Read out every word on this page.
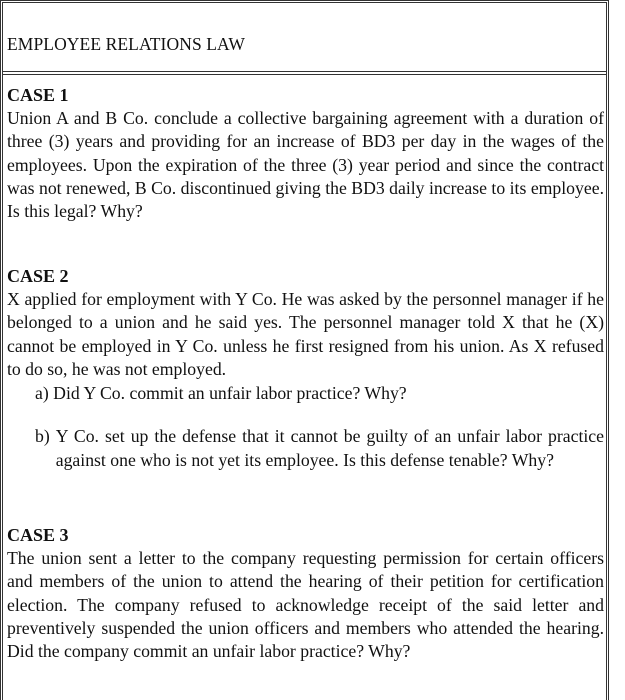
EMPLOYEE RELATIONS LAW

CASE 1

Union A and B Co. conclude a collective bargaining agreement with a duration of three (3) years and providing for an increase of BD3 per day in the wages of the employees. Upon the expiration of the three (3) year period and since the contract was not renewed, B Co. discontinued giving the BD3 daily increase to its employee. Is this legal? Why?

CASE 2

X applied for employment with Y Co. He was asked by the personnel manager if he belonged to a union and he said yes. The personnel manager told X that he (X) cannot be employed in Y Co. unless he first resigned from his union. As X refused to do so, he was not employed.

a)
Did Y Co. commit an unfair labor practice? Why?
b) Y Co. set up the defense that it cannot be guilty of an unfair labor practice against one who is not yet its employee. Is this defense tenable? Why?

CASE 3

The union sent a letter to the company requesting permission for certain officers and members of the union to attend the hearing of their petition for certification election. The company refused to acknowledge receipt of the said letter and preventively suspended the union officers and members who attended the hearing. Did the company commit an unfair labor practice? Why?
